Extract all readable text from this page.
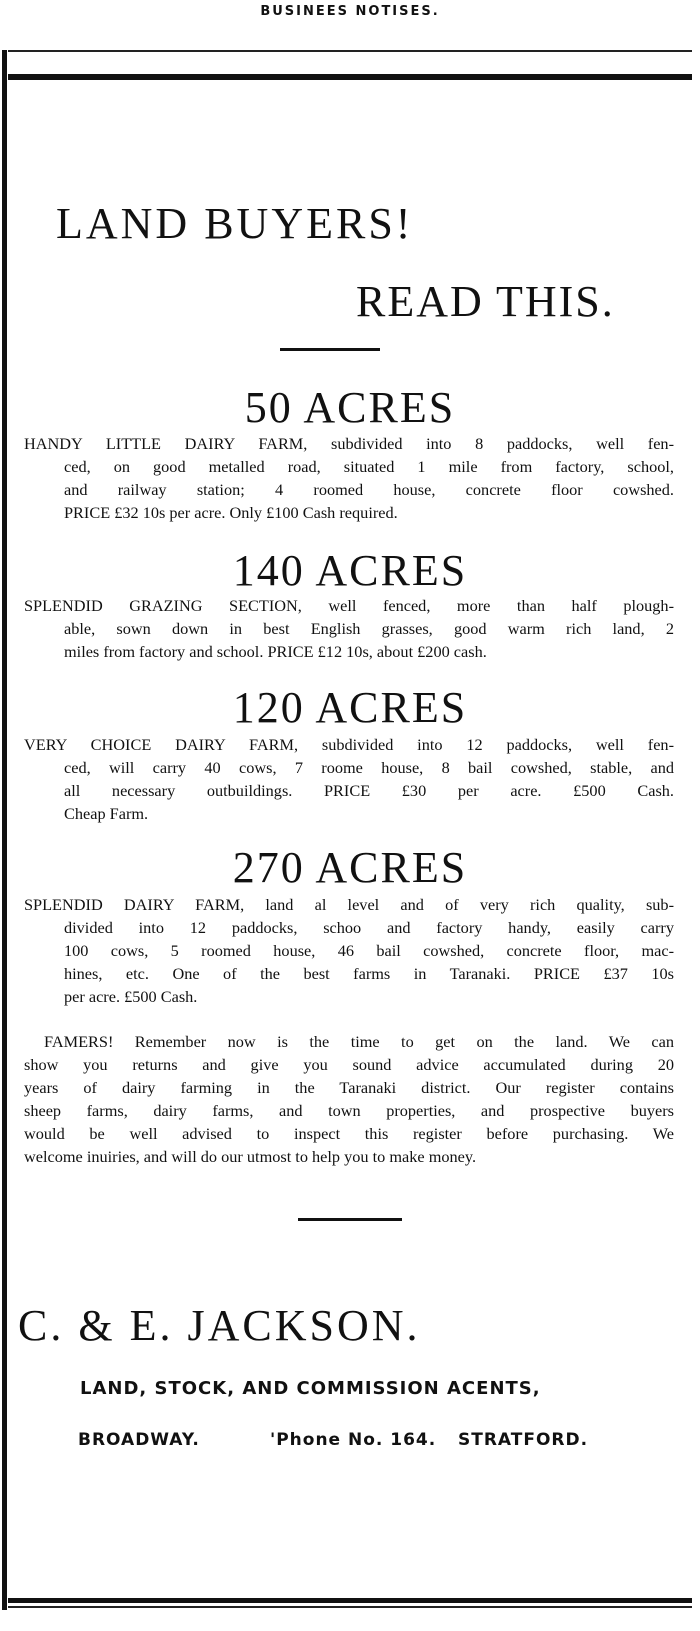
BUSINEES NOTISES.
LAND BUYERS!
READ THIS.
50 ACRES
HANDY LITTLE DAIRY FARM, subdivided into 8 paddocks, well fen-
ced, on good metalled road, situated 1 mile from factory, school,
and railway station; 4 roomed house, concrete floor cowshed.
PRICE £32 10s per acre. Only £100 Cash required.
140 ACRES
SPLENDID GRAZING SECTION, well fenced, more than half plough-
able, sown down in best English grasses, good warm rich land, 2
miles from factory and school. PRICE £12 10s, about £200 cash.
120 ACRES
VERY CHOICE DAIRY FARM, subdivided into 12 paddocks, well fen-
ced, will carry 40 cows, 7 roome house, 8 bail cowshed, stable, and
all necessary outbuildings. PRICE £30 per acre. £500 Cash.
Cheap Farm.
270 ACRES
SPLENDID DAIRY FARM, land al level and of very rich quality, sub-
divided into 12 paddocks, schoo and factory handy, easily carry
100 cows, 5 roomed house, 46 bail cowshed, concrete floor, mac-
hines, etc. One of the best farms in Taranaki. PRICE £37 10s
per acre. £500 Cash.
FAMERS! Remember now is the time to get on the land. We can
show you returns and give you sound advice accumulated during 20
years of dairy farming in the Taranaki district. Our register contains
sheep farms, dairy farms, and town properties, and prospective buyers
would be well advised to inspect this register before purchasing. We
welcome inuiries, and will do our utmost to help you to make money.
C. & E. JACKSON.
LAND, STOCK, AND COMMISSION ACENTS,
BROADWAY.	'Phone No. 164. STRATFORD.
